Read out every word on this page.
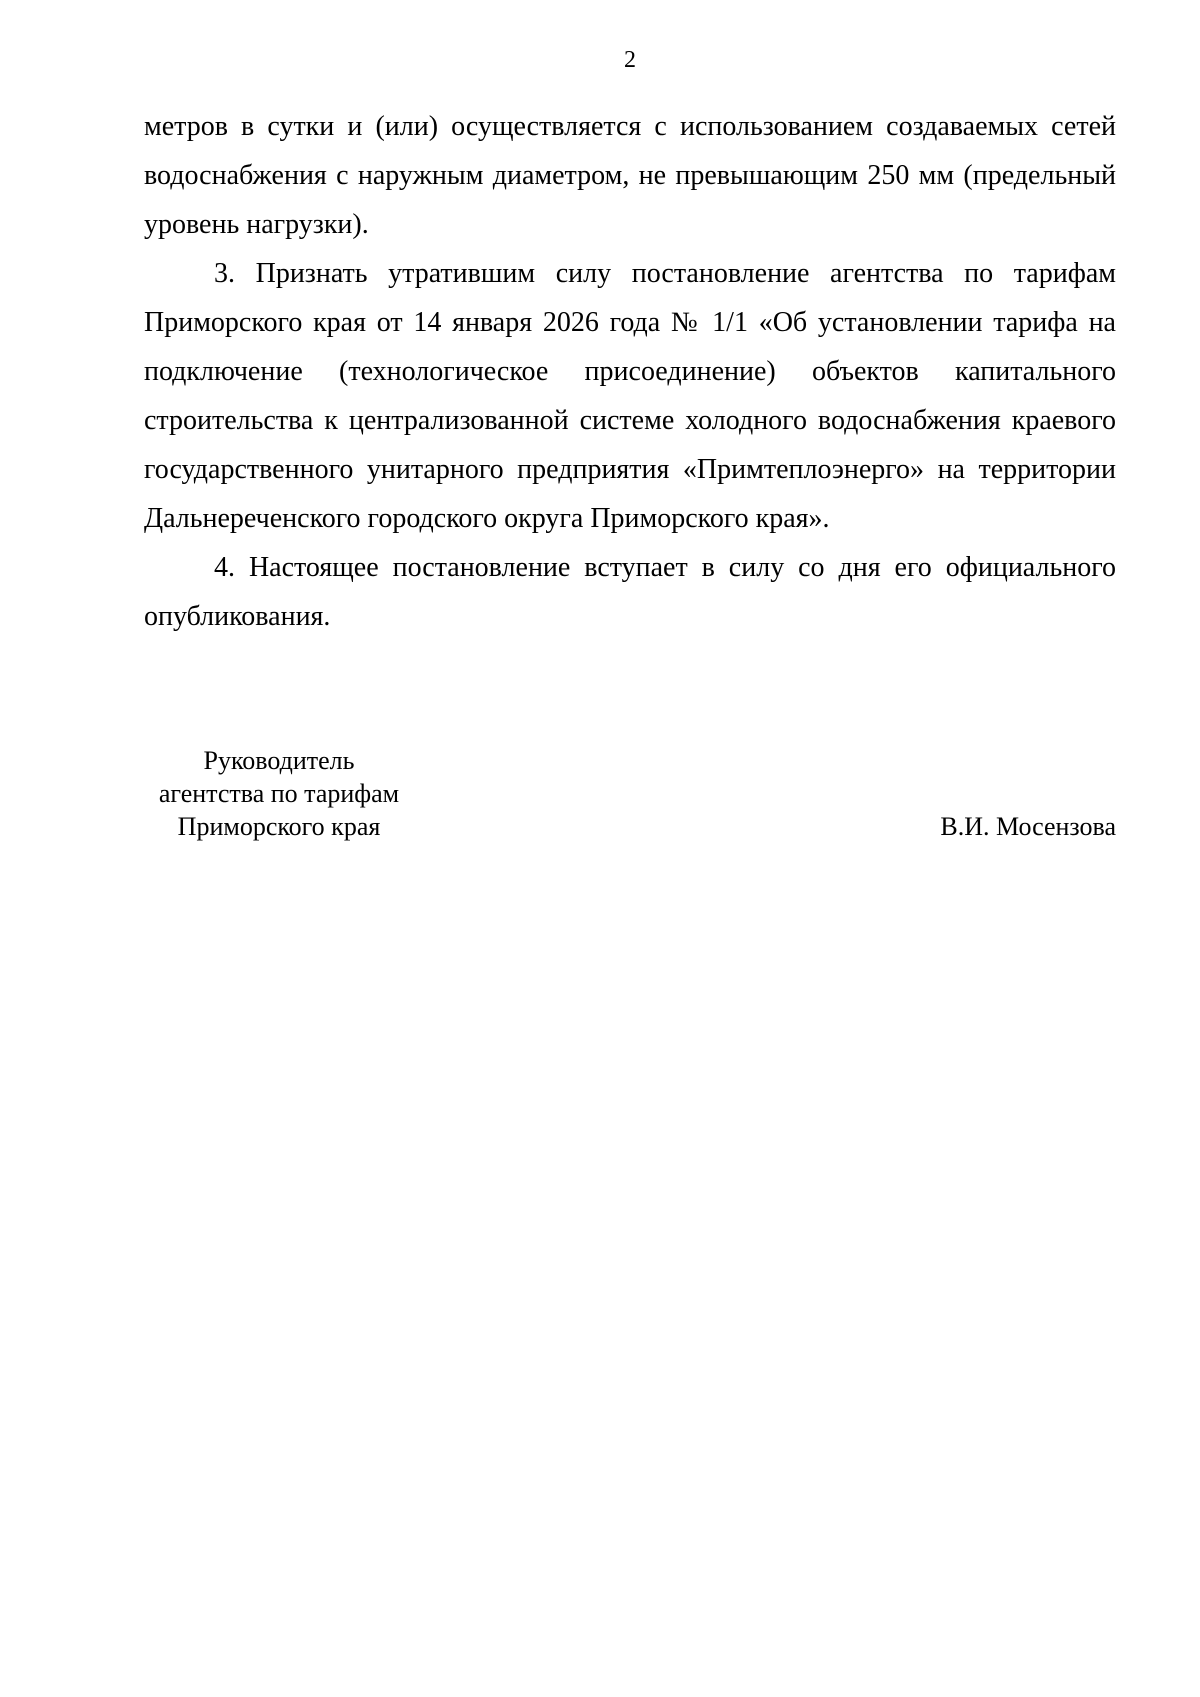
2

метров в сутки и (или) осуществляется с использованием создаваемых сетей водоснабжения с наружным диаметром, не превышающим 250 мм (предельный уровень нагрузки).

3. Признать утратившим силу постановление агентства по тарифам Приморского края от 14 января 2026 года № 1/1 «Об установлении тарифа на подключение (технологическое присоединение) объектов капитального строительства к централизованной системе холодного водоснабжения краевого государственного унитарного предприятия «Примтеплоэнерго» на территории Дальнереченского городского округа Приморского края».

4. Настоящее постановление вступает в силу со дня его официального опубликования.

Руководитель
агентства по тарифам
Приморского края	В.И. Мосензова
